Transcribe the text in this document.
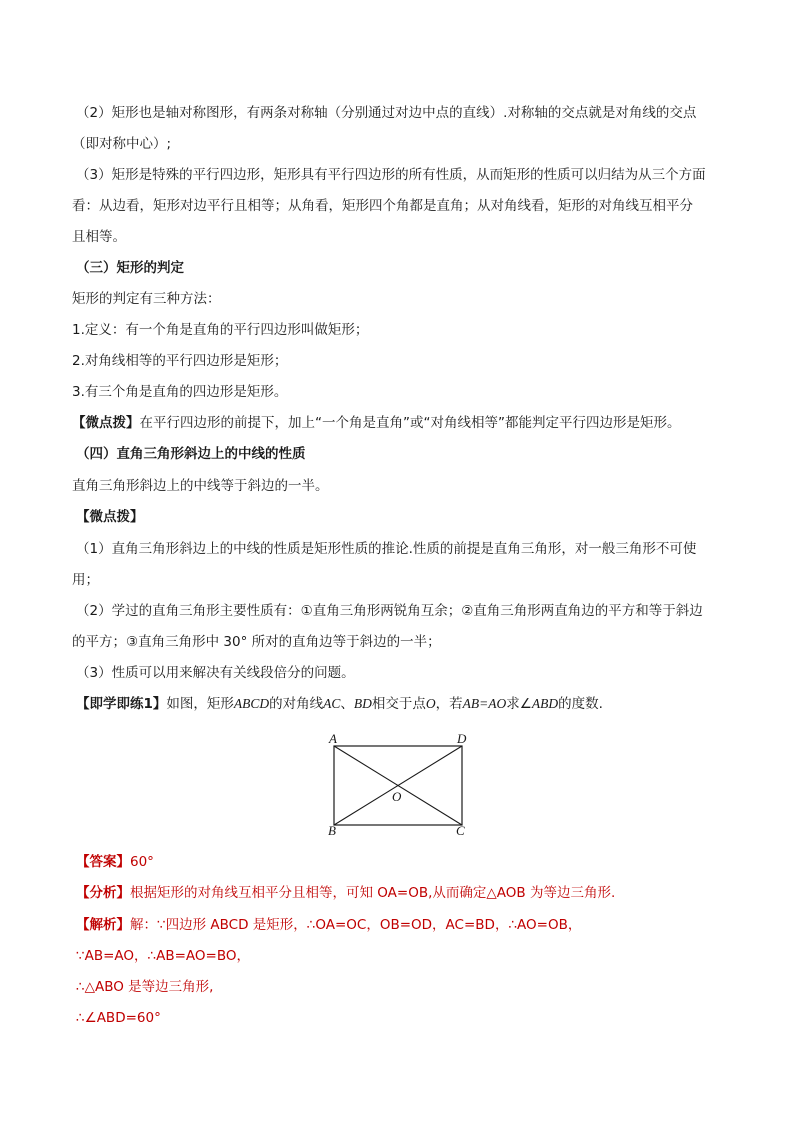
（2）矩形也是轴对称图形，有两条对称轴（分别通过对边中点的直线）.对称轴的交点就是对角线的交点
（即对称中心）;
（3）矩形是特殊的平行四边形，矩形具有平行四边形的所有性质，从而矩形的性质可以归结为从三个方面
看：从边看，矩形对边平行且相等；从角看，矩形四个角都是直角；从对角线看，矩形的对角线互相平分
且相等。
（三）矩形的判定
矩形的判定有三种方法：
1.定义：有一个角是直角的平行四边形叫做矩形；
2.对角线相等的平行四边形是矩形；
3.有三个角是直角的四边形是矩形。
【微点拨】在平行四边形的前提下，加上“一个角是直角”或“对角线相等”都能判定平行四边形是矩形。
（四）直角三角形斜边上的中线的性质
直角三角形斜边上的中线等于斜边的一半。
【微点拨】
（1）直角三角形斜边上的中线的性质是矩形性质的推论.性质的前提是直角三角形，对一般三角形不可使
用；
（2）学过的直角三角形主要性质有：①直角三角形两锐角互余；②直角三角形两直角边的平方和等于斜边
的平方；③直角三角形中 30° 所对的直角边等于斜边的一半；
（3）性质可以用来解决有关线段倍分的问题。
【即学即练1】如图，矩形ABCD的对角线AC、BD相交于点O，若AB=AO求∠ABD的度数.
A	D
B	C
O
【答案】60°
【分析】根据矩形的对角线互相平分且相等，可知 OA=OB,从而确定△AOB 为等边三角形.
【解析】解：∵四边形 ABCD 是矩形，∴OA=OC，OB=OD，AC=BD，∴AO=OB，
∵AB=AO，∴AB=AO=BO，
∴△ABO 是等边三角形,
∴∠ABD=60°
